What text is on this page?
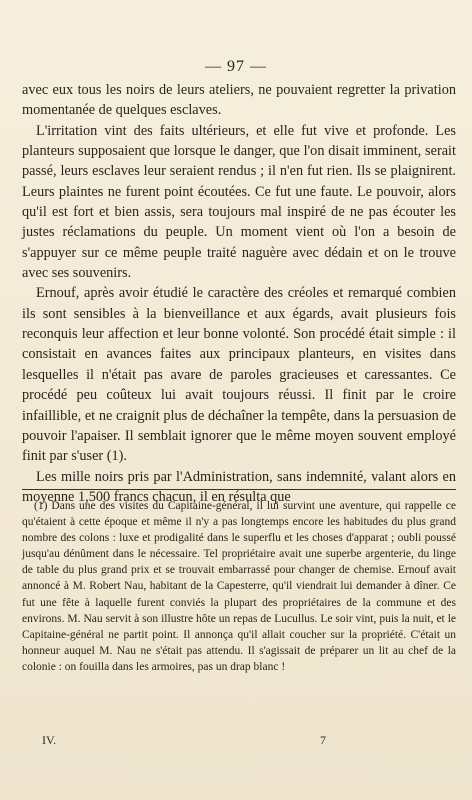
— 97 —

avec eux tous les noirs de leurs ateliers, ne pouvaient regretter la privation momentanée de quelques esclaves.

L'irritation vint des faits ultérieurs, et elle fut vive et profonde. Les planteurs supposaient que lorsque le danger, que l'on disait imminent, serait passé, leurs esclaves leur seraient rendus ; il n'en fut rien. Ils se plaignirent. Leurs plaintes ne furent point écoutées. Ce fut une faute. Le pouvoir, alors qu'il est fort et bien assis, sera toujours mal inspiré de ne pas écouter les justes réclamations du peuple. Un moment vient où l'on a besoin de s'appuyer sur ce même peuple traité naguère avec dédain et on le trouve avec ses souvenirs.

Ernouf, après avoir étudié le caractère des créoles et remarqué combien ils sont sensibles à la bienveillance et aux égards, avait plusieurs fois reconquis leur affection et leur bonne volonté. Son procédé était simple : il consistait en avances faites aux principaux planteurs, en visites dans lesquelles il n'était pas avare de paroles gracieuses et caressantes. Ce procédé peu coûteux lui avait toujours réussi. Il finit par le croire infaillible, et ne craignit plus de déchaîner la tempête, dans la persuasion de pouvoir l'apaiser. Il semblait ignorer que le même moyen souvent employé finit par s'user (1).

Les mille noirs pris par l'Administration, sans indemnité, valant alors en moyenne 1,500 francs chacun, il en résulta que

(1) Dans une des visites du Capitaine-général, il lui survint une aventure, qui rappelle ce qu'étaient à cette époque et même il n'y a pas longtemps encore les habitudes du plus grand nombre des colons : luxe et prodigalité dans le superflu et les choses d'apparat ; oubli poussé jusqu'au dénûment dans le nécessaire. Tel propriétaire avait une superbe argenterie, du linge de table du plus grand prix et se trouvait embarrassé pour changer de chemise. Ernouf avait annoncé à M. Robert Nau, habitant de la Capesterre, qu'il viendrait lui demander à dîner. Ce fut une fête à laquelle furent conviés la plupart des propriétaires de la commune et des environs. M. Nau servit à son illustre hôte un repas de Lucullus. Le soir vint, puis la nuit, et le Capitaine-général ne partit point. Il annonça qu'il allait coucher sur la propriété. C'était un honneur auquel M. Nau ne s'était pas attendu. Il s'agissait de préparer un lit au chef de la colonie : on fouilla dans les armoires, pas un drap blanc !

IV.	7
